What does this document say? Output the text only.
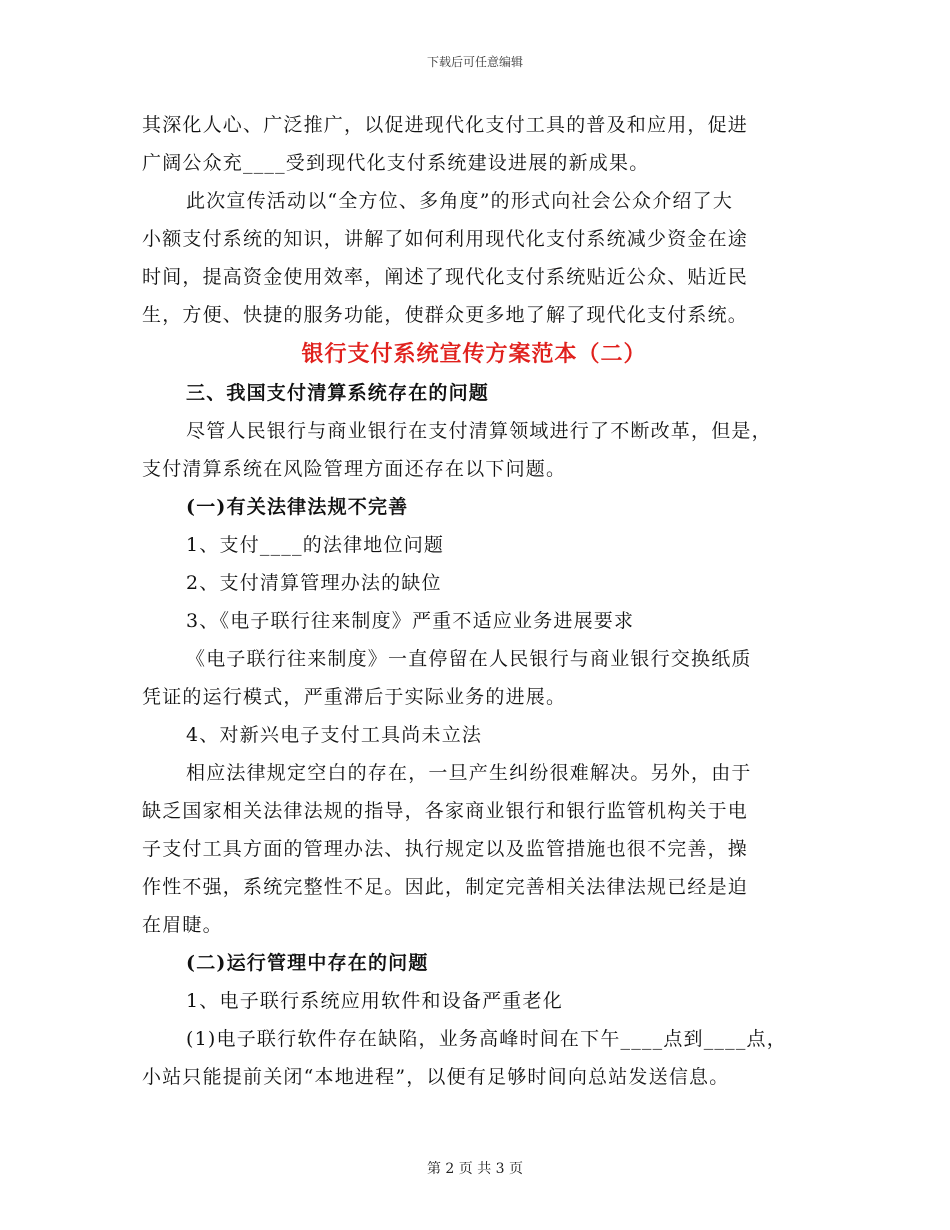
下载后可任意编辑

其深化人心、广泛推广，以促进现代化支付工具的普及和应用，促进

广阔公众充____受到现代化支付系统建设进展的新成果。

此次宣传活动以“全方位、多角度”的形式向社会公众介绍了大

小额支付系统的知识，讲解了如何利用现代化支付系统减少资金在途

时间，提高资金使用效率，阐述了现代化支付系统贴近公众、贴近民

生，方便、快捷的服务功能，使群众更多地了解了现代化支付系统。

银行支付系统宣传方案范本（二）

三、我国支付清算系统存在的问题

尽管人民银行与商业银行在支付清算领域进行了不断改革，但是，

支付清算系统在风险管理方面还存在以下问题。

(一)有关法律法规不完善

1、支付____的法律地位问题

2、支付清算管理办法的缺位

3、《电子联行往来制度》严重不适应业务进展要求

《电子联行往来制度》一直停留在人民银行与商业银行交换纸质

凭证的运行模式，严重滞后于实际业务的进展。

4、对新兴电子支付工具尚未立法

相应法律规定空白的存在，一旦产生纠纷很难解决。另外，由于

缺乏国家相关法律法规的指导，各家商业银行和银行监管机构关于电

子支付工具方面的管理办法、执行规定以及监管措施也很不完善，操

作性不强，系统完整性不足。因此，制定完善相关法律法规已经是迫

在眉睫。

(二)运行管理中存在的问题

1、电子联行系统应用软件和设备严重老化

(1)电子联行软件存在缺陷，业务高峰时间在下午____点到____点，

小站只能提前关闭“本地进程”，以便有足够时间向总站发送信息。

第 2 页 共 3 页
